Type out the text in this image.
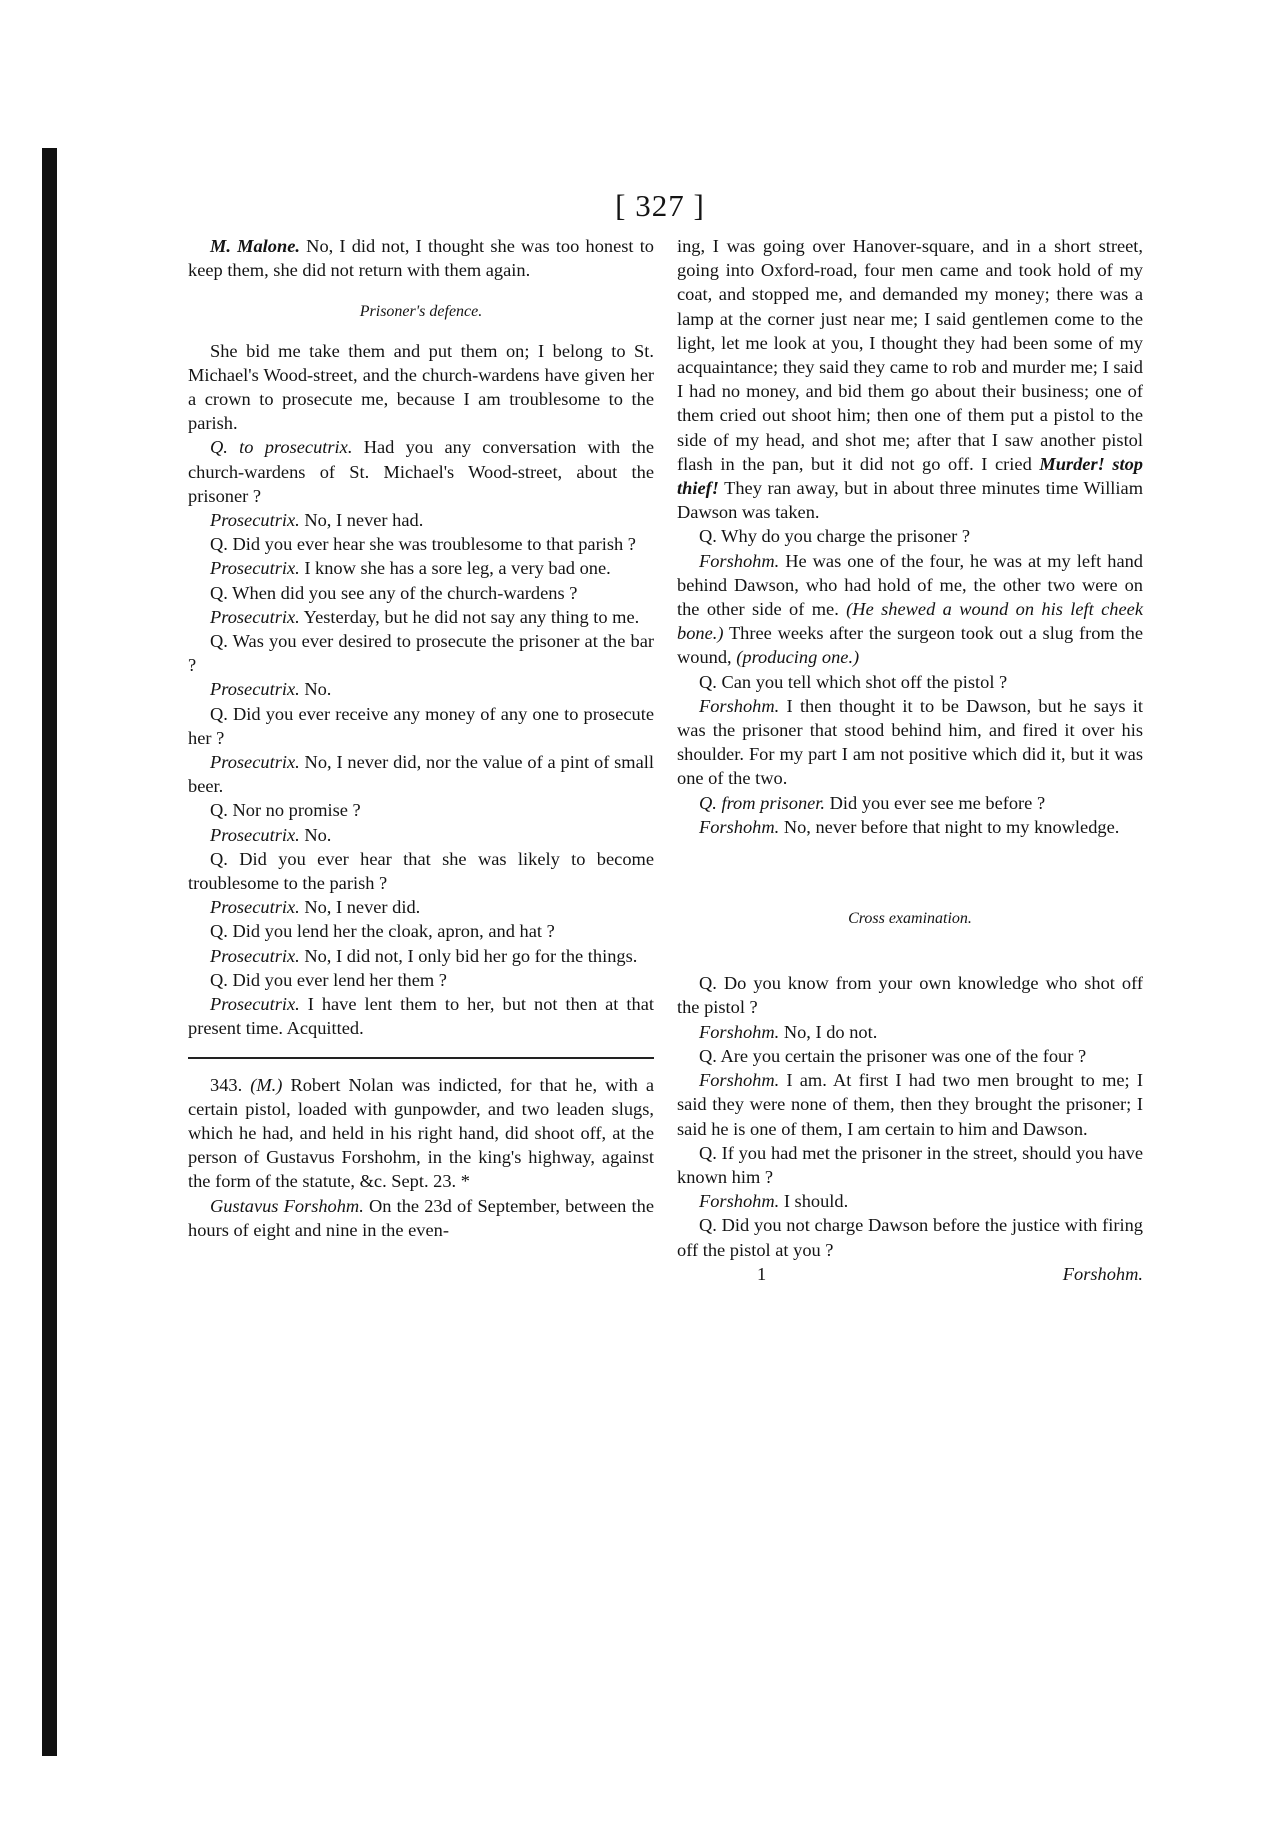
[ 327 ]

M. Malone. No, I did not, I thought she was too honest to keep them, she did not return with them again.

Prisoner's defence.

She bid me take them and put them on; I belong to St. Michael's Wood-street, and the church-wardens have given her a crown to prosecute me, because I am troublesome to the parish.

Q. to prosecutrix. Had you any conversation with the church-wardens of St. Michael's Wood-street, about the prisoner ?

Prosecutrix. No, I never had.

Q. Did you ever hear she was troublesome to that parish ?

Prosecutrix. I know she has a sore leg, a very bad one.

Q. When did you see any of the church-wardens ?

Prosecutrix. Yesterday, but he did not say any thing to me.

Q. Was you ever desired to prosecute the prisoner at the bar ?

Prosecutrix. No.

Q. Did you ever receive any money of any one to prosecute her ?

Prosecutrix. No, I never did, nor the value of a pint of small beer.

Q. Nor no promise ?

Prosecutrix. No.

Q. Did you ever hear that she was likely to become troublesome to the parish ?

Prosecutrix. No, I never did.

Q. Did you lend her the cloak, apron, and hat ?

Prosecutrix. No, I did not, I only bid her go for the things.

Q. Did you ever lend her them ?

Prosecutrix. I have lent them to her, but not then at that present time. Acquitted.

343. (M.) Robert Nolan was indicted, for that he, with a certain pistol, loaded with gunpowder, and two leaden slugs, which he had, and held in his right hand, did shoot off, at the person of Gustavus Forshohm, in the king's highway, against the form of the statute, &c. Sept. 23. *

Gustavus Forshohm. On the 23d of September, between the hours of eight and nine in the even-

ing, I was going over Hanover-square, and in a short street, going into Oxford-road, four men came and took hold of my coat, and stopped me, and demanded my money; there was a lamp at the corner just near me; I said gentlemen come to the light, let me look at you, I thought they had been some of my acquaintance; they said they came to rob and murder me; I said I had no money, and bid them go about their business; one of them cried out shoot him; then one of them put a pistol to the side of my head, and shot me; after that I saw another pistol flash in the pan, but it did not go off. I cried Murder! stop thief! They ran away, but in about three minutes time William Dawson was taken.

Q. Why do you charge the prisoner ?

Forshohm. He was one of the four, he was at my left hand behind Dawson, who had hold of me, the other two were on the other side of me. (He shewed a wound on his left cheek bone.) Three weeks after the surgeon took out a slug from the wound, (producing one.)

Q. Can you tell which shot off the pistol ?

Forshohm. I then thought it to be Dawson, but he says it was the prisoner that stood behind him, and fired it over his shoulder. For my part I am not positive which did it, but it was one of the two.

Q. from prisoner. Did you ever see me before ?

Forshohm. No, never before that night to my knowledge.

Cross examination.

Q. Do you know from your own knowledge who shot off the pistol ?

Forshohm. No, I do not.

Q. Are you certain the prisoner was one of the four ?

Forshohm. I am. At first I had two men brought to me; I said they were none of them, then they brought the prisoner; I said he is one of them, I am certain to him and Dawson.

Q. If you had met the prisoner in the street, should you have known him ?

Forshohm. I should.

Q. Did you not charge Dawson before the justice with firing off the pistol at you ?

1	Forshohm.
